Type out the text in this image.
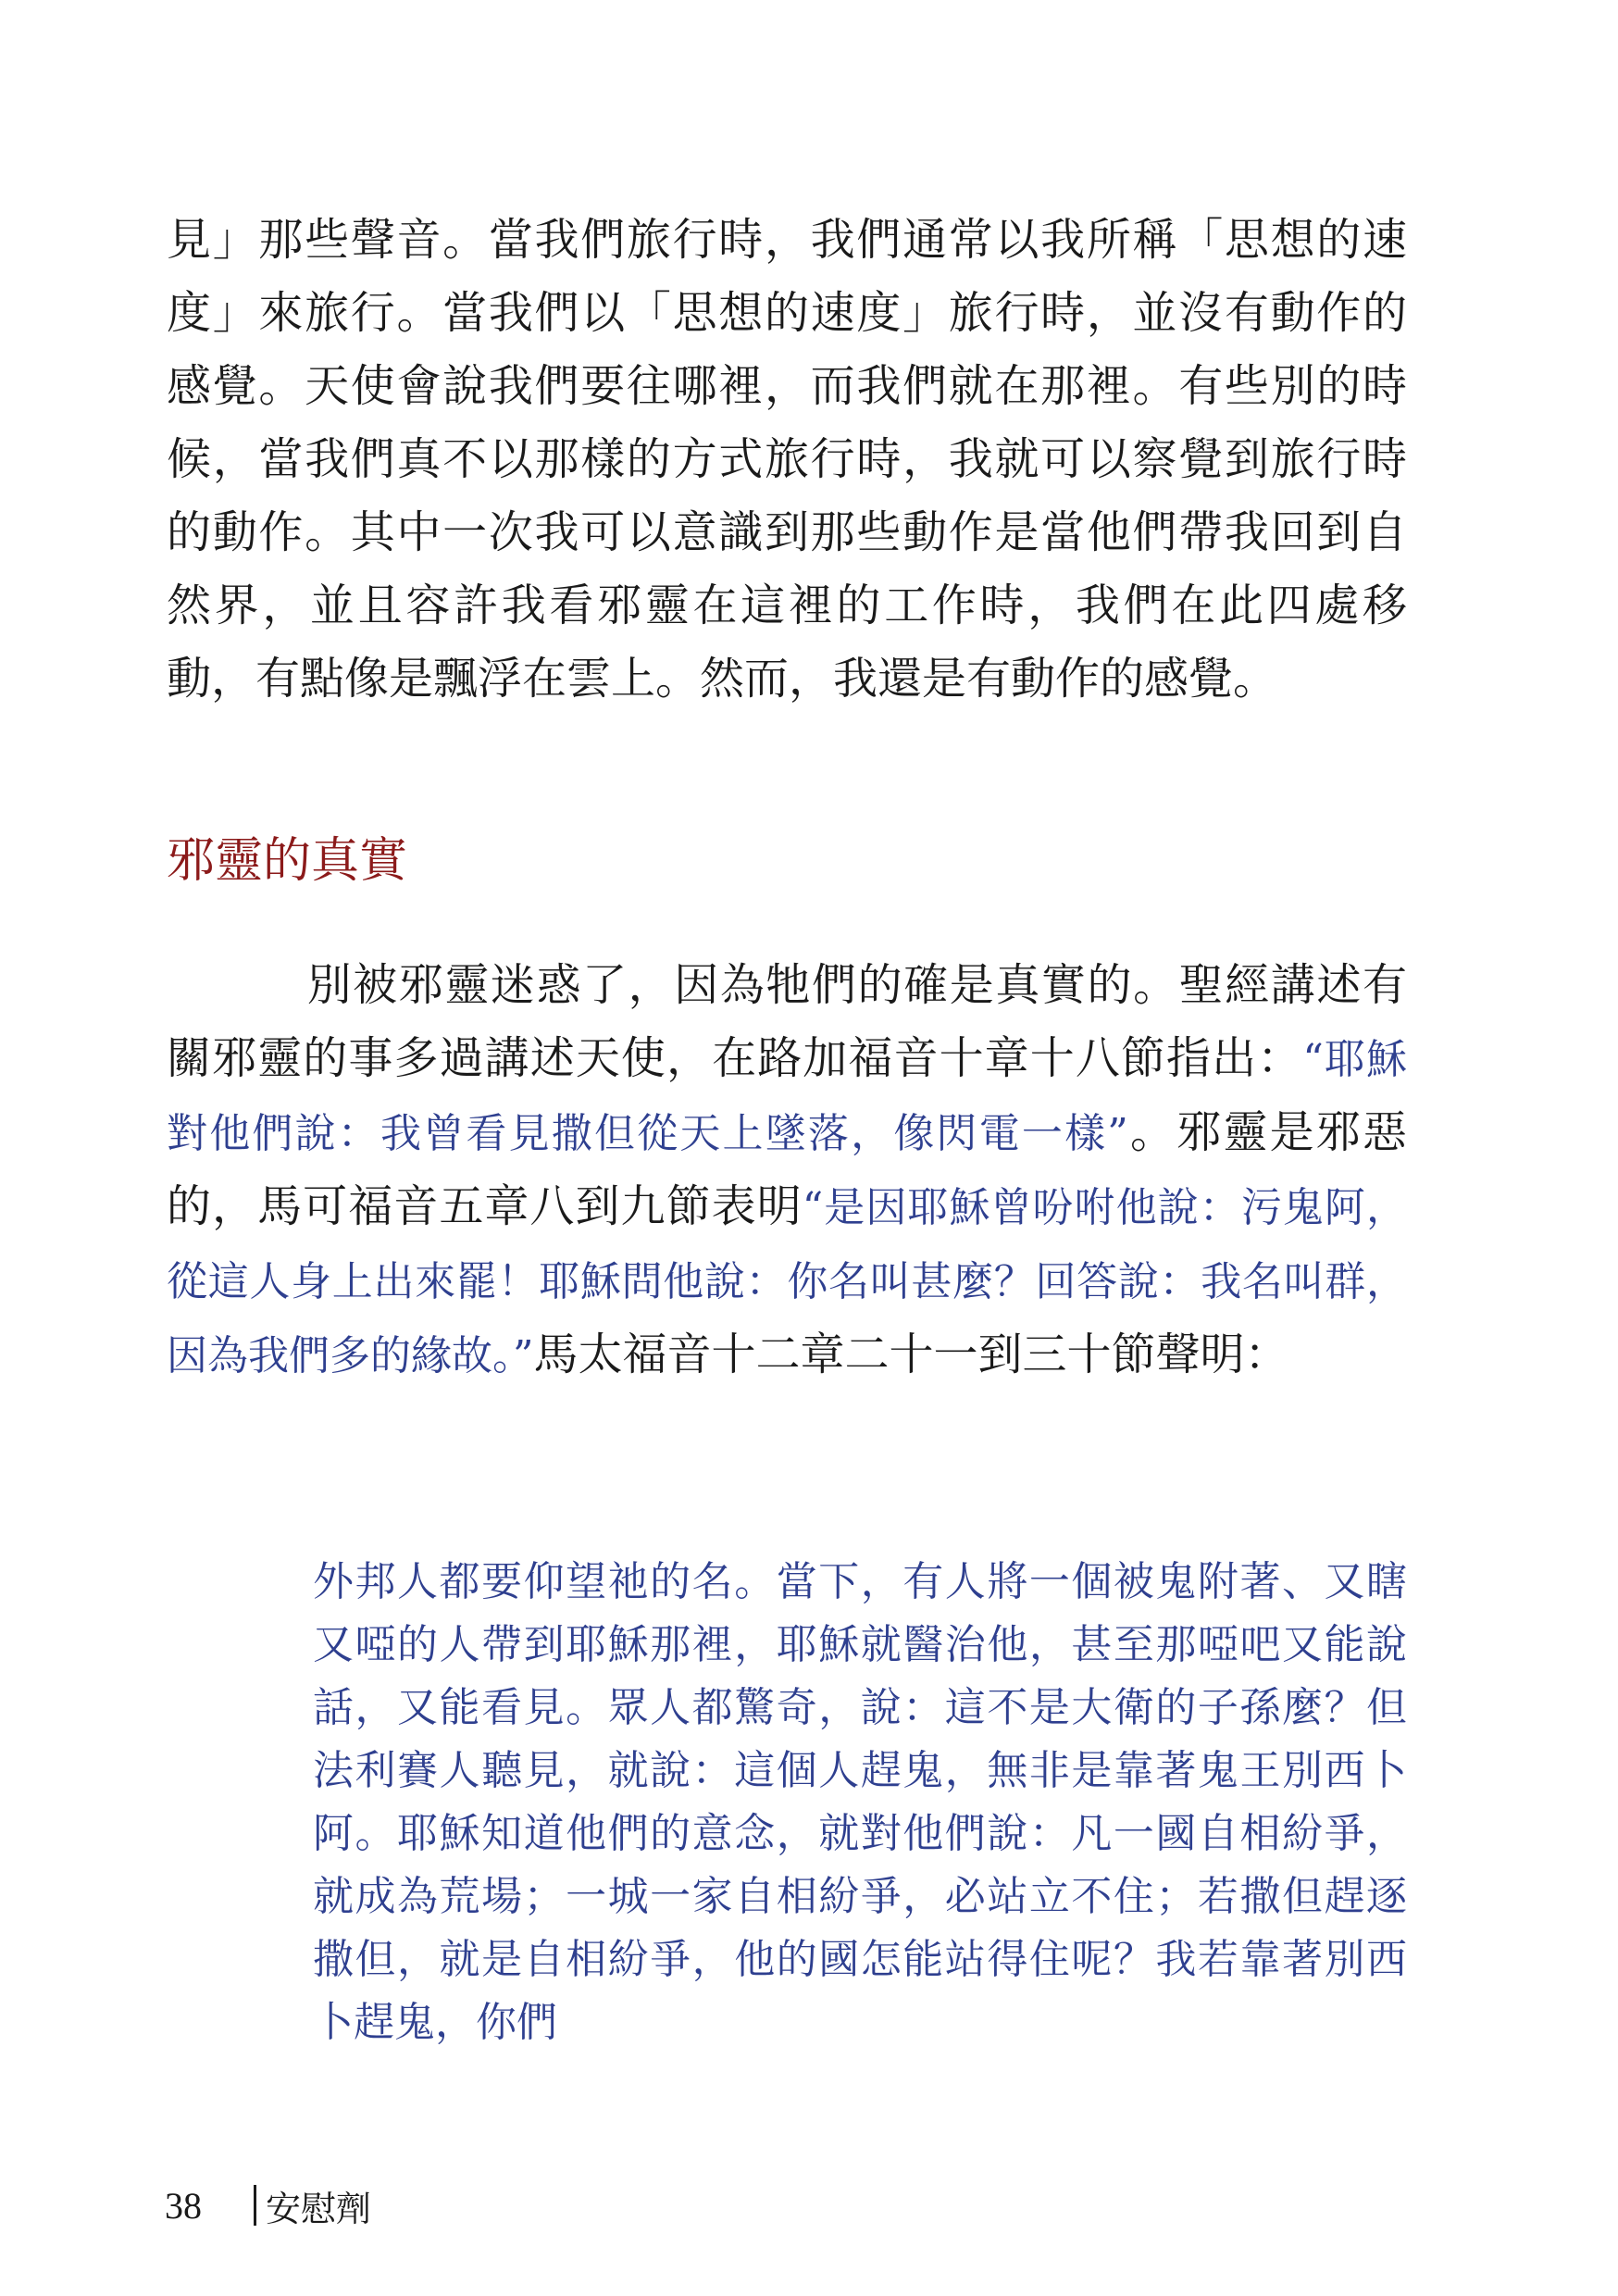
見」那些聲音。當我們旅行時，我們通常以我所稱「思想的速度」來旅行。當我們以「思想的速度」旅行時，並沒有動作的感覺。天使會說我們要往哪裡，而我們就在那裡。有些別的時候，當我們真不以那樣的方式旅行時，我就可以察覺到旅行時的動作。其中一次我可以意識到那些動作是當他們帶我回到自然界，並且容許我看邪靈在這裡的工作時，我們在此四處移動，有點像是飄浮在雲上。然而，我還是有動作的感覺。

邪靈的真實

別被邪靈迷惑了，因為牠們的確是真實的。聖經講述有關邪靈的事多過講述天使，在路加福音十章十八節指出：“耶穌對他們說：我曾看見撒但從天上墜落，像閃電一樣”。邪靈是邪惡的，馬可福音五章八到九節表明“是因耶穌曾吩咐他說：污鬼阿，從這人身上出來罷！耶穌問他說：你名叫甚麼？回答說：我名叫群，因為我們多的緣故。”馬太福音十二章二十一到三十節聲明：

外邦人都要仰望祂的名。當下，有人將一個被鬼附著、又瞎又啞的人帶到耶穌那裡，耶穌就醫治他，甚至那啞吧又能說話，又能看見。眾人都驚奇，說：這不是大衛的子孫麼？但法利賽人聽見，就說：這個人趕鬼，無非是靠著鬼王別西卜阿。耶穌知道他們的意念，就對他們說：凡一國自相紛爭，就成為荒場；一城一家自相紛爭，必站立不住；若撒但趕逐撒但，就是自相紛爭，他的國怎能站得住呢？我若靠著別西卜趕鬼，你們

38 安慰劑
